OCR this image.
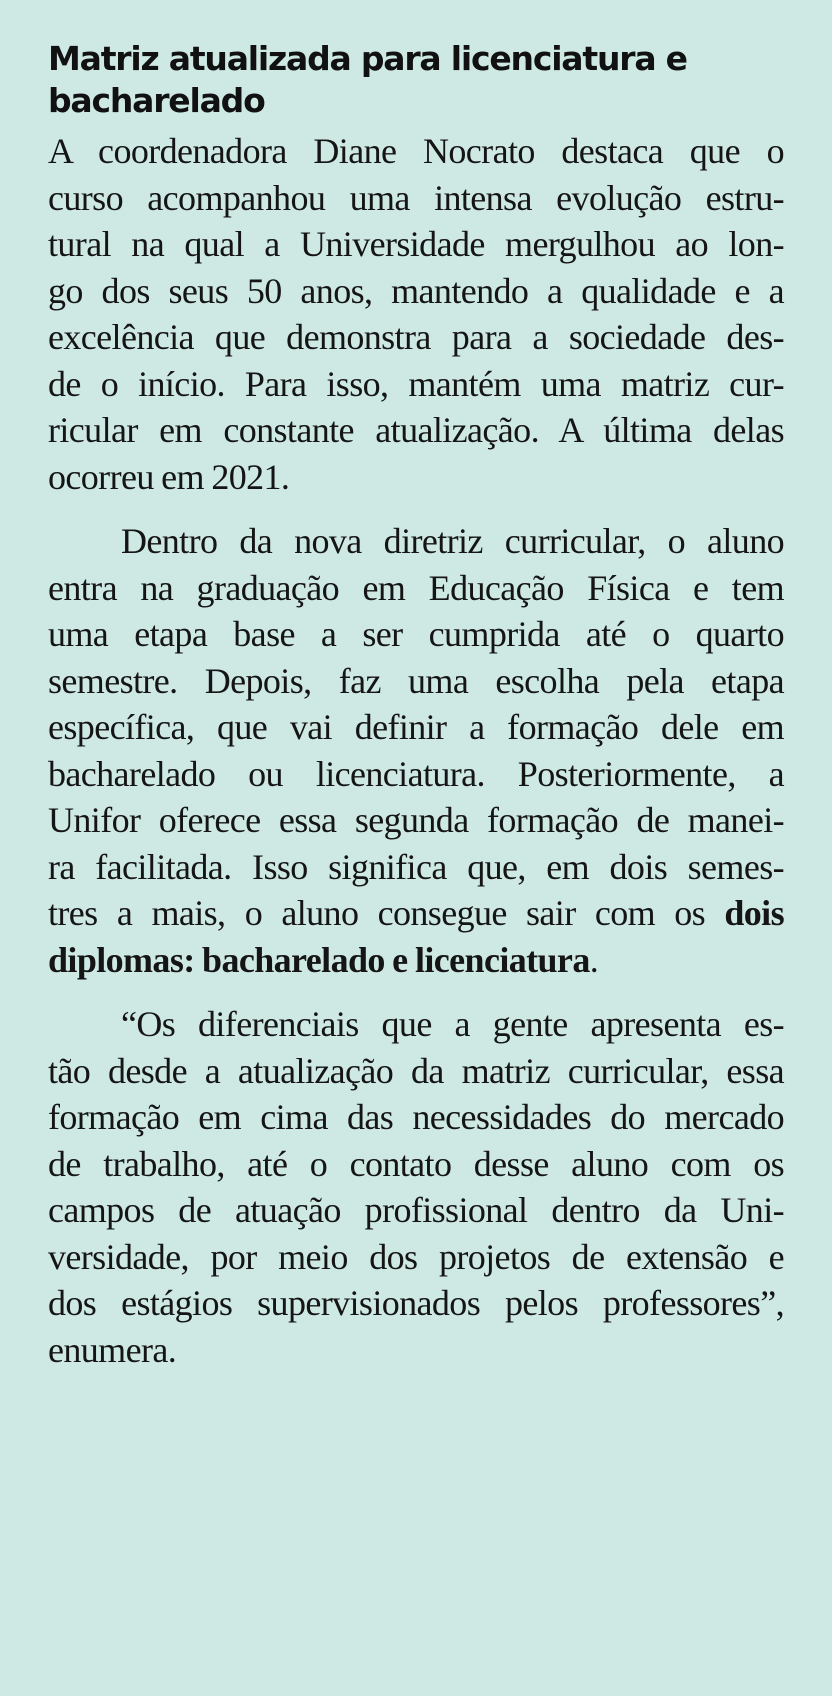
Matriz atualizada para licenciatura e
bacharelado

A coordenadora Diane Nocrato destaca que o
curso acompanhou uma intensa evolução estru-
tural na qual a Universidade mergulhou ao lon-
go dos seus 50 anos, mantendo a qualidade e a
excelência que demonstra para a sociedade des-
de o início. Para isso, mantém uma matriz cur-
ricular em constante atualização. A última delas
ocorreu em 2021.

Dentro da nova diretriz curricular, o aluno
entra na graduação em Educação Física e tem
uma etapa base a ser cumprida até o quarto
semestre. Depois, faz uma escolha pela etapa
específica, que vai definir a formação dele em
bacharelado ou licenciatura. Posteriormente, a
Unifor oferece essa segunda formação de manei-
ra facilitada. Isso significa que, em dois semes-
tres a mais, o aluno consegue sair com os dois
diplomas: bacharelado e licenciatura.

“Os diferenciais que a gente apresenta es-
tão desde a atualização da matriz curricular, essa
formação em cima das necessidades do mercado
de trabalho, até o contato desse aluno com os
campos de atuação profissional dentro da Uni-
versidade, por meio dos projetos de extensão e
dos estágios supervisionados pelos professores”,
enumera.
